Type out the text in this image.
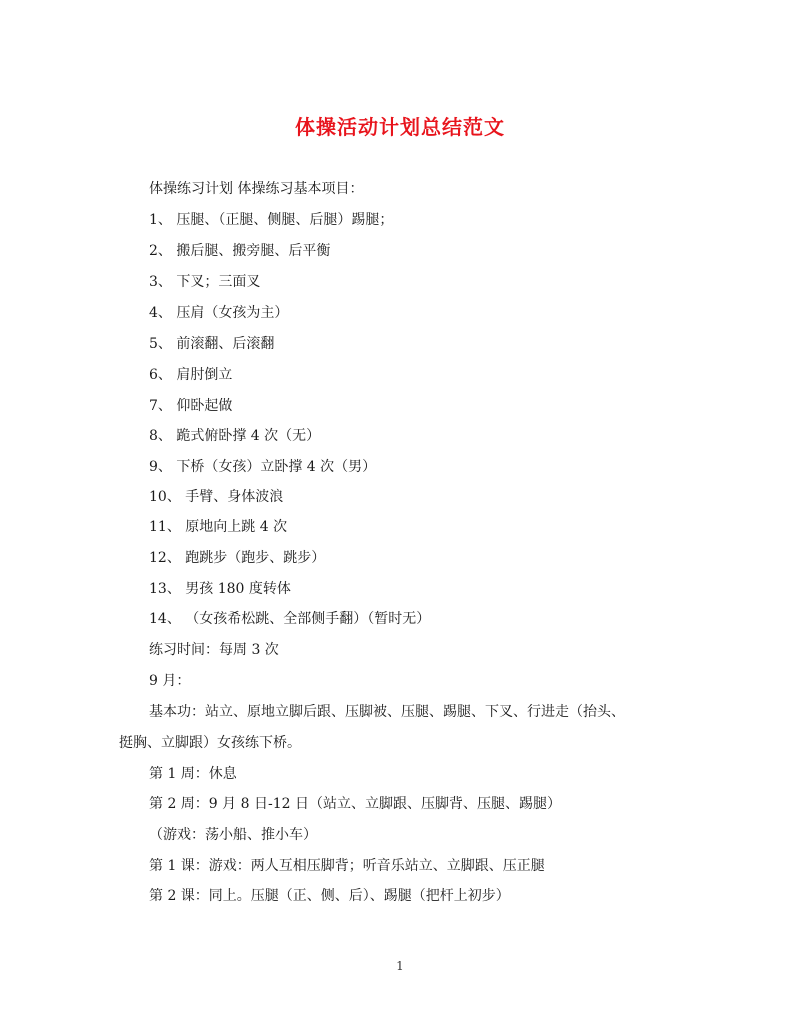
体操活动计划总结范文
体操练习计划 体操练习基本项目：
1、 压腿、（正腿、侧腿、后腿）踢腿；
2、 搬后腿、搬旁腿、后平衡
3、 下叉；三面叉
4、 压肩（女孩为主）
5、 前滚翻、后滚翻
6、 肩肘倒立
7、 仰卧起做
8、 跪式俯卧撑 4 次（无）
9、 下桥（女孩）立卧撑 4 次（男）
10、 手臂、身体波浪
11、 原地向上跳 4 次
12、 跑跳步（跑步、跳步）
13、 男孩 180 度转体
14、 （女孩希松跳、全部侧手翻）（暂时无）
练习时间：每周 3 次
9 月：
基本功：站立、原地立脚后跟、压脚被、压腿、踢腿、下叉、行进走（抬头、
挺胸、立脚跟）女孩练下桥。
第 1 周：休息
第 2 周：9 月 8 日-12 日（站立、立脚跟、压脚背、压腿、踢腿）
（游戏：荡小船、推小车）
第 1 课：游戏：两人互相压脚背；听音乐站立、立脚跟、压正腿
第 2 课：同上。压腿（正、侧、后）、踢腿（把杆上初步）
1
